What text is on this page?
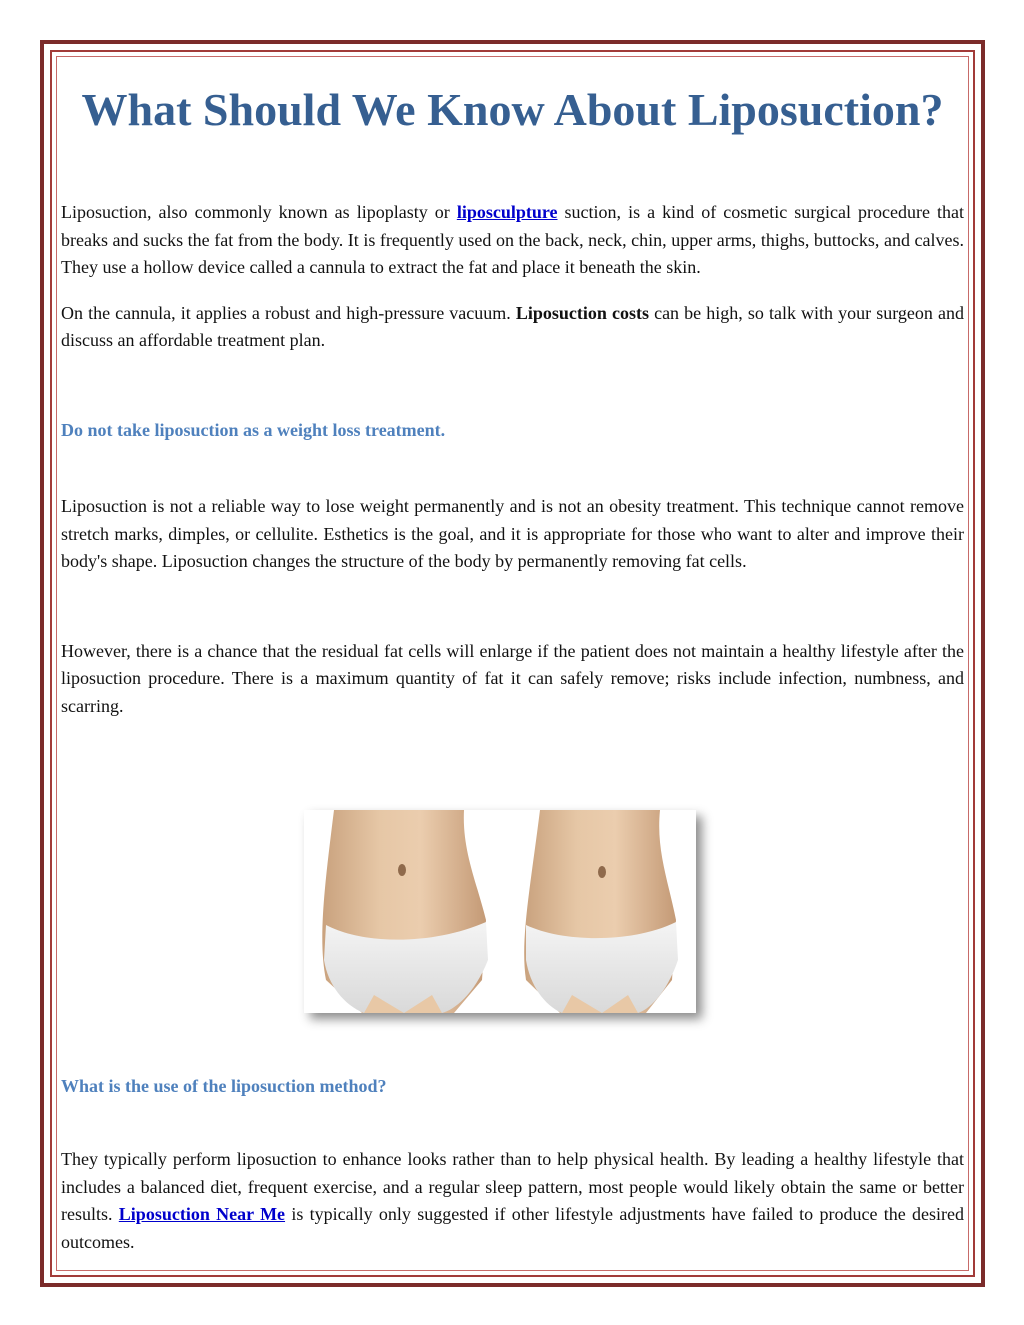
What Should We Know About Liposuction?

Liposuction, also commonly known as lipoplasty or liposculpture suction, is a kind of cosmetic surgical procedure that breaks and sucks the fat from the body. It is frequently used on the back, neck, chin, upper arms, thighs, buttocks, and calves. They use a hollow device called a cannula to extract the fat and place it beneath the skin.

On the cannula, it applies a robust and high-pressure vacuum. Liposuction costs can be high, so talk with your surgeon and discuss an affordable treatment plan.

Do not take liposuction as a weight loss treatment.

Liposuction is not a reliable way to lose weight permanently and is not an obesity treatment. This technique cannot remove stretch marks, dimples, or cellulite. Esthetics is the goal, and it is appropriate for those who want to alter and improve their body's shape. Liposuction changes the structure of the body by permanently removing fat cells.

However, there is a chance that the residual fat cells will enlarge if the patient does not maintain a healthy lifestyle after the liposuction procedure. There is a maximum quantity of fat it can safely remove; risks include infection, numbness, and scarring.

What is the use of the liposuction method?

They typically perform liposuction to enhance looks rather than to help physical health. By leading a healthy lifestyle that includes a balanced diet, frequent exercise, and a regular sleep pattern, most people would likely obtain the same or better results. Liposuction Near Me is typically only suggested if other lifestyle adjustments have failed to produce the desired outcomes.
